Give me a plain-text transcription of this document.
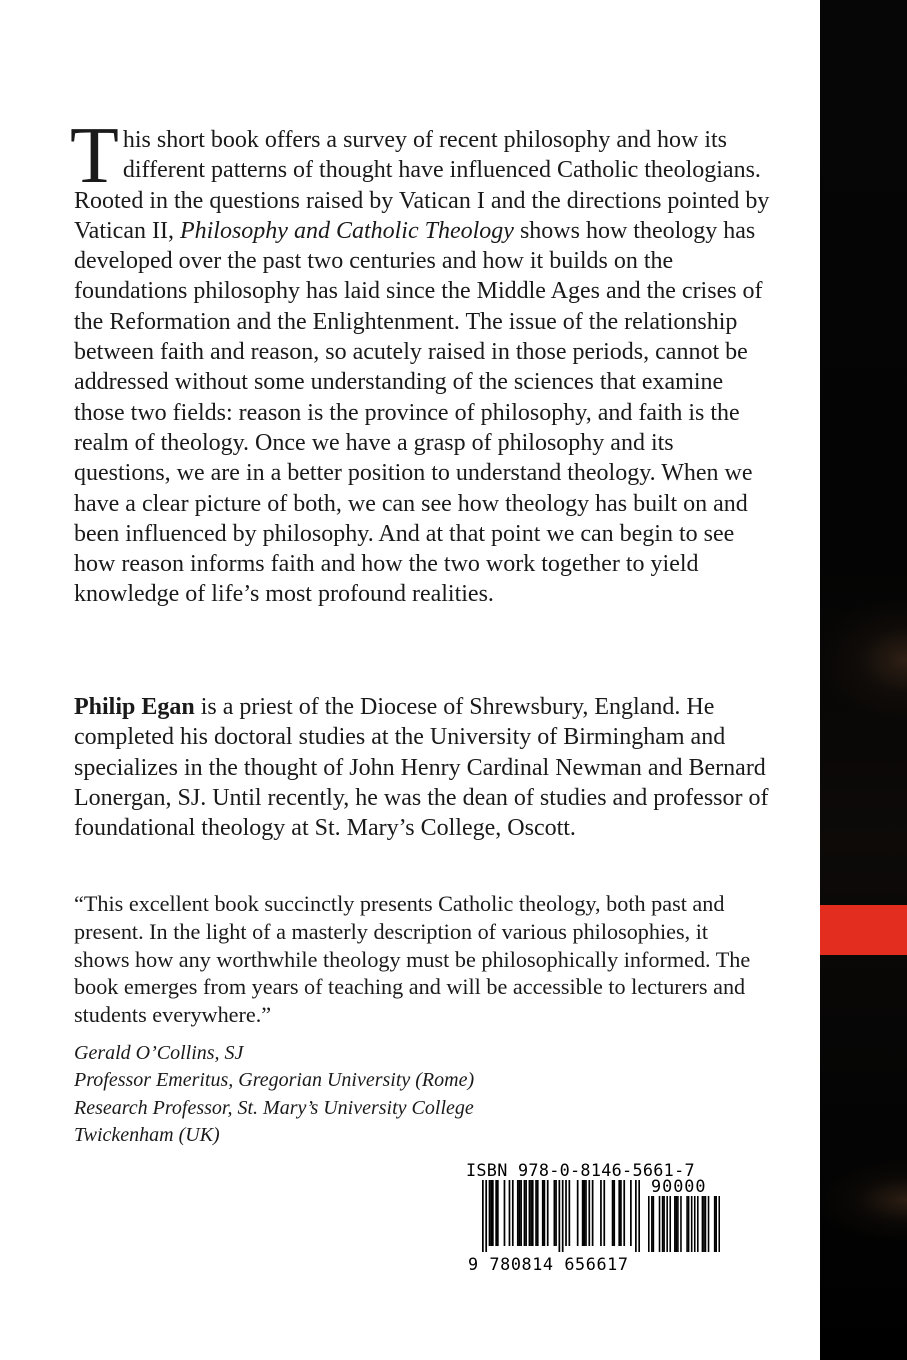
This short book offers a survey of recent philosophy and how its different patterns of thought have influenced Catholic theologians. Rooted in the questions raised by Vatican I and the directions pointed by Vatican II, Philosophy and Catholic Theology shows how theology has developed over the past two centuries and how it builds on the foundations philosophy has laid since the Middle Ages and the crises of the Reformation and the Enlightenment. The issue of the relationship between faith and reason, so acutely raised in those periods, cannot be addressed without some understanding of the sciences that examine those two fields: reason is the province of philosophy, and faith is the realm of theology. Once we have a grasp of philosophy and its questions, we are in a better position to understand theology. When we have a clear picture of both, we can see how theology has built on and been influenced by philosophy. And at that point we can begin to see how reason informs faith and how the two work together to yield knowledge of life’s most profound realities.
Philip Egan is a priest of the Diocese of Shrewsbury, England. He completed his doctoral studies at the University of Birmingham and specializes in the thought of John Henry Cardinal Newman and Bernard Lonergan, SJ. Until recently, he was the dean of studies and professor of foundational theology at St. Mary’s College, Oscott.
“This excellent book succinctly presents Catholic theology, both past and present. In the light of a masterly description of various philosophies, it shows how any worthwhile theology must be philosophically informed. The book emerges from years of teaching and will be accessible to lecturers and students everywhere.”
Gerald O’Collins, SJ
Professor Emeritus, Gregorian University (Rome)
Research Professor, St. Mary’s University College
Twickenham (UK)
ISBN 978-0-8146-5661-7
90000
9 780814 656617
